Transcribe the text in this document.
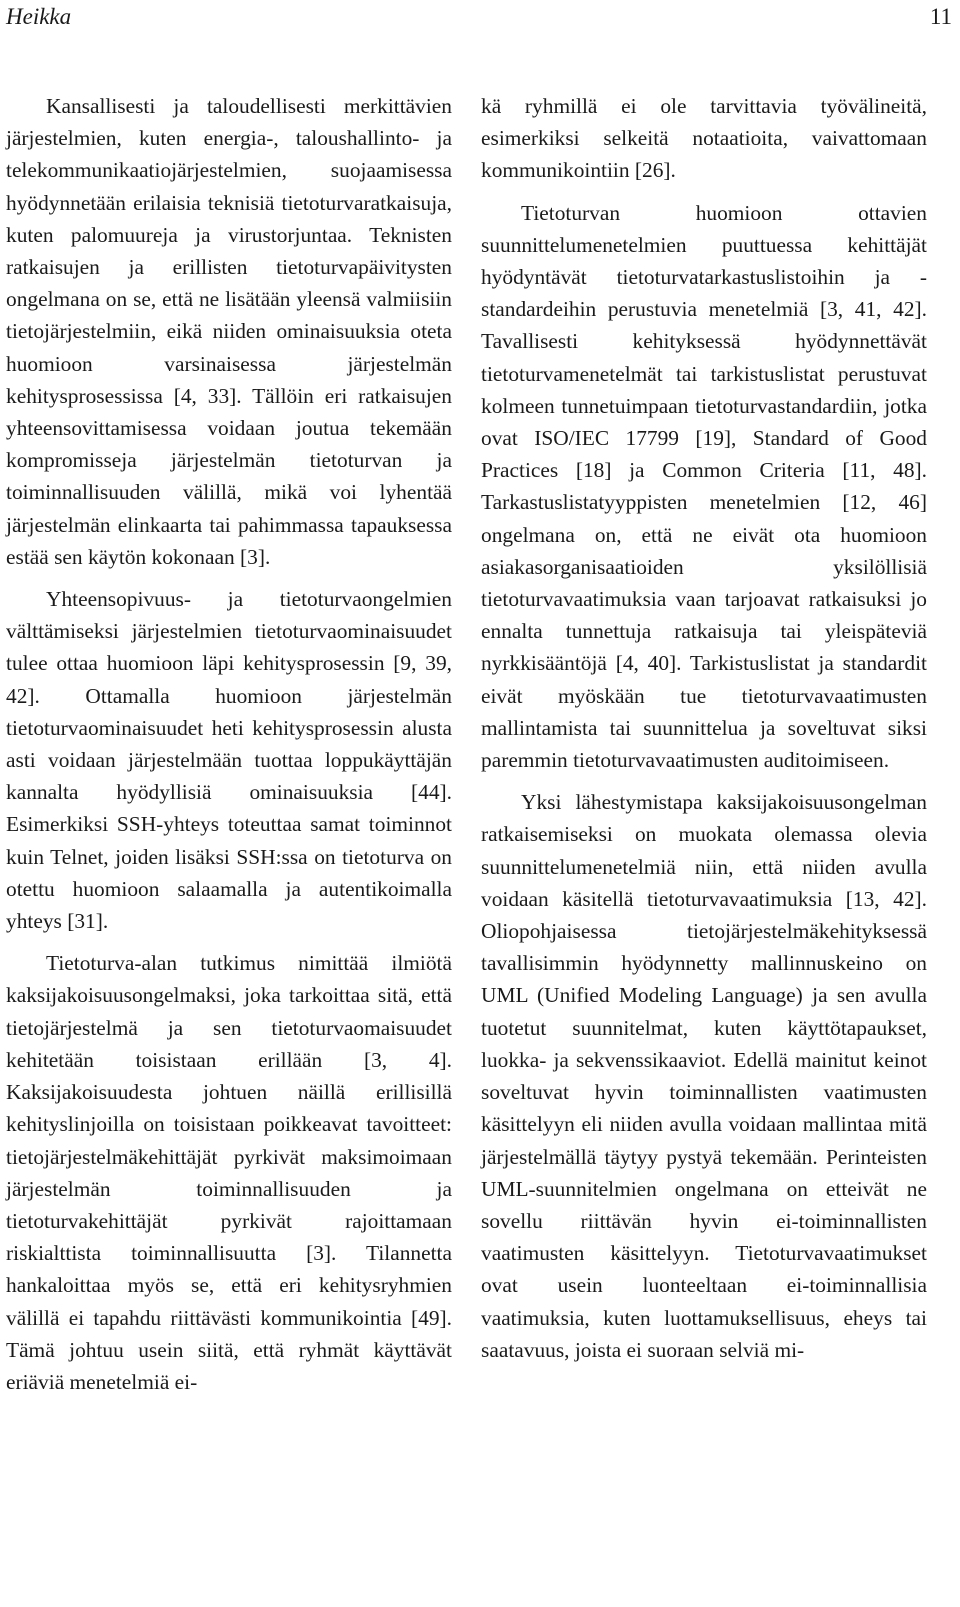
Heikka	11

Kansallisesti ja taloudellisesti merkittävien järjestelmien, kuten energia-, taloushallinto- ja telekommunikaatiojärjestelmien, suojaamisessa hyödynnetään erilaisia teknisiä tietoturvaratkaisuja, kuten palomuureja ja virustorjuntaa. Teknisten ratkaisujen ja erillisten tietoturvapäivitysten ongelmana on se, että ne lisätään yleensä valmiisiin tietojärjestelmiin, eikä niiden ominaisuuksia oteta huomioon varsinaisessa järjestelmän kehitysprosessissa [4, 33]. Tällöin eri ratkaisujen yhteensovittamisessa voidaan joutua tekemään kompromisseja järjestelmän tietoturvan ja toiminnallisuuden välillä, mikä voi lyhentää järjestelmän elinkaarta tai pahimmassa tapauksessa estää sen käytön kokonaan [3].

Yhteensopivuus- ja tietoturvaongelmien välttämiseksi järjestelmien tietoturvaominaisuudet tulee ottaa huomioon läpi kehitysprosessin [9, 39, 42]. Ottamalla huomioon järjestelmän tietoturvaominaisuudet heti kehitysprosessin alusta asti voidaan järjestelmään tuottaa loppukäyttäjän kannalta hyödyllisiä ominaisuuksia [44]. Esimerkiksi SSH-yhteys toteuttaa samat toiminnot kuin Telnet, joiden lisäksi SSH:ssa on tietoturva on otettu huomioon salaamalla ja autentikoimalla yhteys [31].

Tietoturva-alan tutkimus nimittää ilmiötä kaksijakoisuusongelmaksi, joka tarkoittaa sitä, että tietojärjestelmä ja sen tietoturvaomaisuudet kehitetään toisistaan erillään [3, 4]. Kaksijakoisuudesta johtuen näillä erillisillä kehityslinjoilla on toisistaan poikkeavat tavoitteet: tietojärjestelmäkehittäjät pyrkivät maksimoimaan järjestelmän toiminnallisuuden ja tietoturvakehittäjät pyrkivät rajoittamaan riskialttista toiminnallisuutta [3]. Tilannetta hankaloittaa myös se, että eri kehitysryhmien välillä ei tapahdu riittävästi kommunikointia [49]. Tämä johtuu usein siitä, että ryhmät käyttävät eriäviä menetelmiä ei-

kä ryhmillä ei ole tarvittavia työvälineitä, esimerkiksi selkeitä notaatioita, vaivattomaan kommunikointiin [26].

Tietoturvan huomioon ottavien suunnittelumenetelmien puuttuessa kehittäjät hyödyntävät tietoturvatarkastuslistoihin ja -standardeihin perustuvia menetelmiä [3, 41, 42]. Tavallisesti kehityksessä hyödynnettävät tietoturvamenetelmät tai tarkistuslistat perustuvat kolmeen tunnetuimpaan tietoturvastandardiin, jotka ovat ISO/IEC 17799 [19], Standard of Good Practices [18] ja Common Criteria [11, 48]. Tarkastuslistatyyppisten menetelmien [12, 46] ongelmana on, että ne eivät ota huomioon asiakasorganisaatioiden yksilöllisiä tietoturvavaatimuksia vaan tarjoavat ratkaisuksi jo ennalta tunnettuja ratkaisuja tai yleispäteviä nyrkkisääntöjä [4, 40]. Tarkistuslistat ja standardit eivät myöskään tue tietoturvavaatimusten mallintamista tai suunnittelua ja soveltuvat siksi paremmin tietoturvavaatimusten auditoimiseen.

Yksi lähestymistapa kaksijakoisuusongelman ratkaisemiseksi on muokata olemassa olevia suunnittelumenetelmiä niin, että niiden avulla voidaan käsitellä tietoturvavaatimuksia [13, 42]. Oliopohjaisessa tietojärjestelmäkehityksessä tavallisimmin hyödynnetty mallinnuskeino on UML (Unified Modeling Language) ja sen avulla tuotetut suunnitelmat, kuten käyttötapaukset, luokka- ja sekvenssikaaviot. Edellä mainitut keinot soveltuvat hyvin toiminnallisten vaatimusten käsittelyyn eli niiden avulla voidaan mallintaa mitä järjestelmällä täytyy pystyä tekemään. Perinteisten UML-suunnitelmien ongelmana on etteivät ne sovellu riittävän hyvin ei-toiminnallisten vaatimusten käsittelyyn. Tietoturvavaatimukset ovat usein luonteeltaan ei-toiminnallisia vaatimuksia, kuten luottamuksellisuus, eheys tai saatavuus, joista ei suoraan selviä mi-
